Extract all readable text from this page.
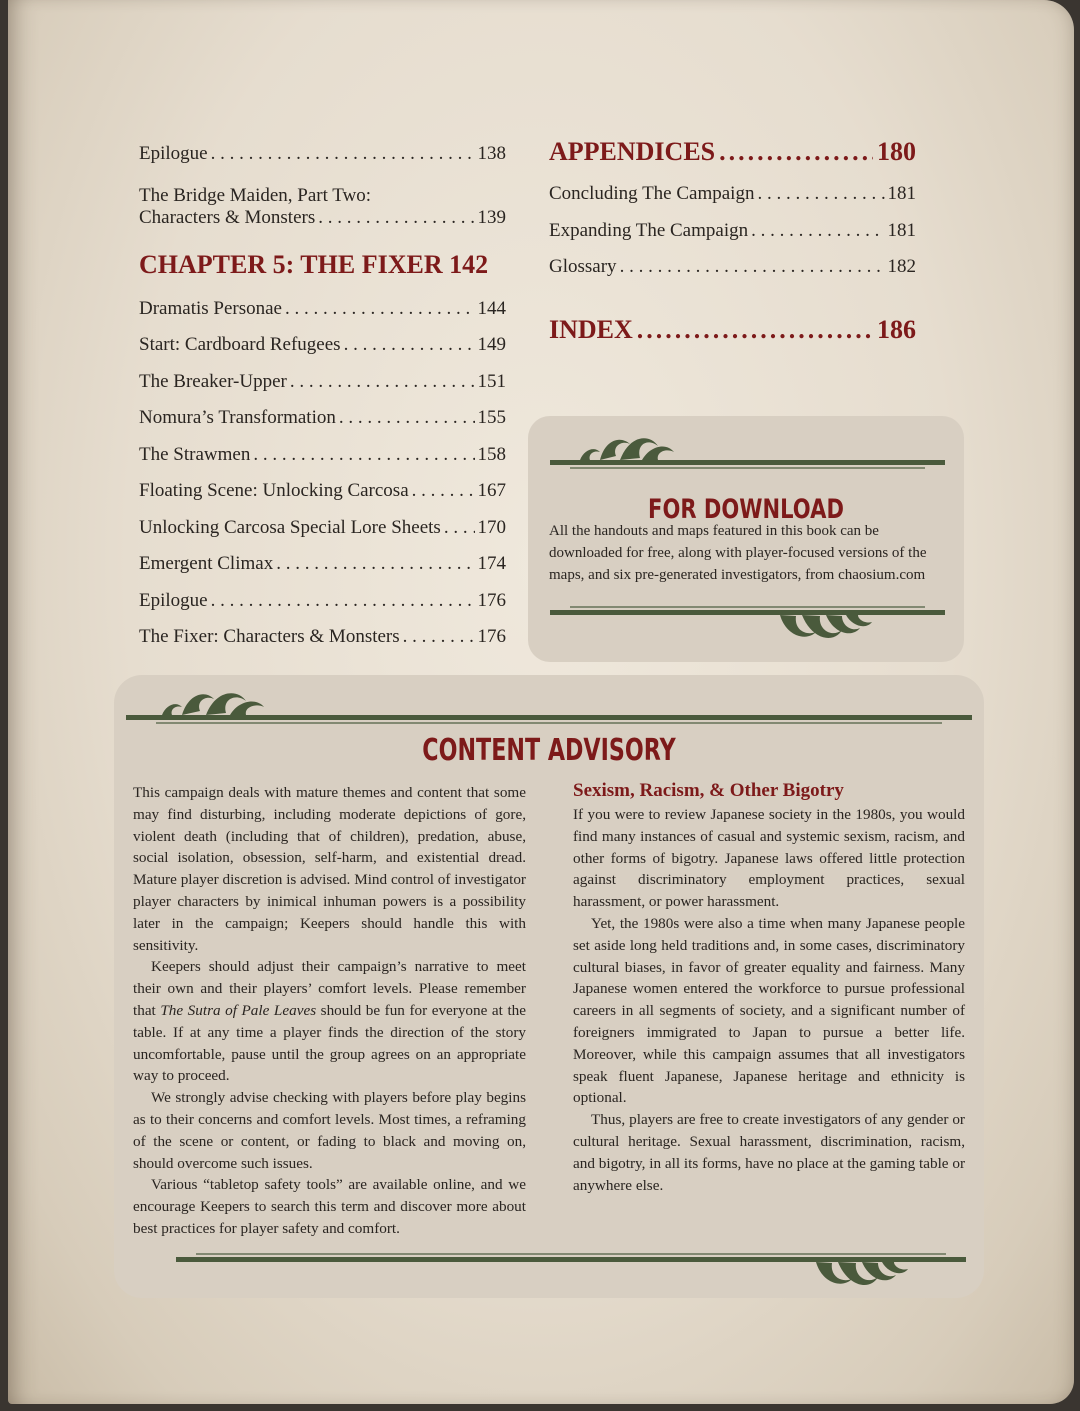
Epilogue . . .	138
The Bridge Maiden, Part Two:
Characters & Monsters . . .	139
CHAPTER 5: THE FIXER 142
Dramatis Personae . . .	144
Start: Cardboard Refugees . . .	149
The Breaker-Upper . . .	151
Nomura’s Transformation . . .	155
The Strawmen . . .	158
Floating Scene: Unlocking Carcosa . . .	167
Unlocking Carcosa Special Lore Sheets . . . 170
Emergent Climax . . .	174
Epilogue . . .	176
The Fixer: Characters & Monsters . . .	176
APPENDICES .....	180
Concluding The Campaign . . .	181
Expanding The Campaign . . .	181
Glossary . . .	182
INDEX .....	186
FOR DOWNLOAD
All the handouts and maps featured in this book can be downloaded for free, along with player-focused versions of the maps, and six pre-generated investigators, from chaosium.com
CONTENT ADVISORY

This campaign deals with mature themes and content that some may find disturbing, including moderate depictions of gore, violent death (including that of children), predation, abuse, social isolation, obsession, self-harm, and existential dread. Mature player discretion is advised. Mind control of investigator player characters by inimical inhuman powers is a possibility later in the campaign; Keepers should handle this with sensitivity.

Keepers should adjust their campaign’s narrative to meet their own and their players’ comfort levels. Please remember that The Sutra of Pale Leaves should be fun for everyone at the table. If at any time a player finds the direction of the story uncomfortable, pause until the group agrees on an appropriate way to proceed.

We strongly advise checking with players before play begins as to their concerns and comfort levels. Most times, a reframing of the scene or content, or fading to black and moving on, should overcome such issues.

Various “tabletop safety tools” are available online, and we encourage Keepers to search this term and discover more about best practices for player safety and comfort.

Sexism, Racism, & Other Bigotry

If you were to review Japanese society in the 1980s, you would find many instances of casual and systemic sexism, racism, and other forms of bigotry. Japanese laws offered little protection against discriminatory employment practices, sexual harassment, or power harassment.

Yet, the 1980s were also a time when many Japanese people set aside long held traditions and, in some cases, discriminatory cultural biases, in favor of greater equality and fairness. Many Japanese women entered the workforce to pursue professional careers in all segments of society, and a significant number of foreigners immigrated to Japan to pursue a better life. Moreover, while this campaign assumes that all investigators speak fluent Japanese, Japanese heritage and ethnicity is optional.

Thus, players are free to create investigators of any gender or cultural heritage. Sexual harassment, discrimination, racism, and bigotry, in all its forms, have no place at the gaming table or anywhere else.
